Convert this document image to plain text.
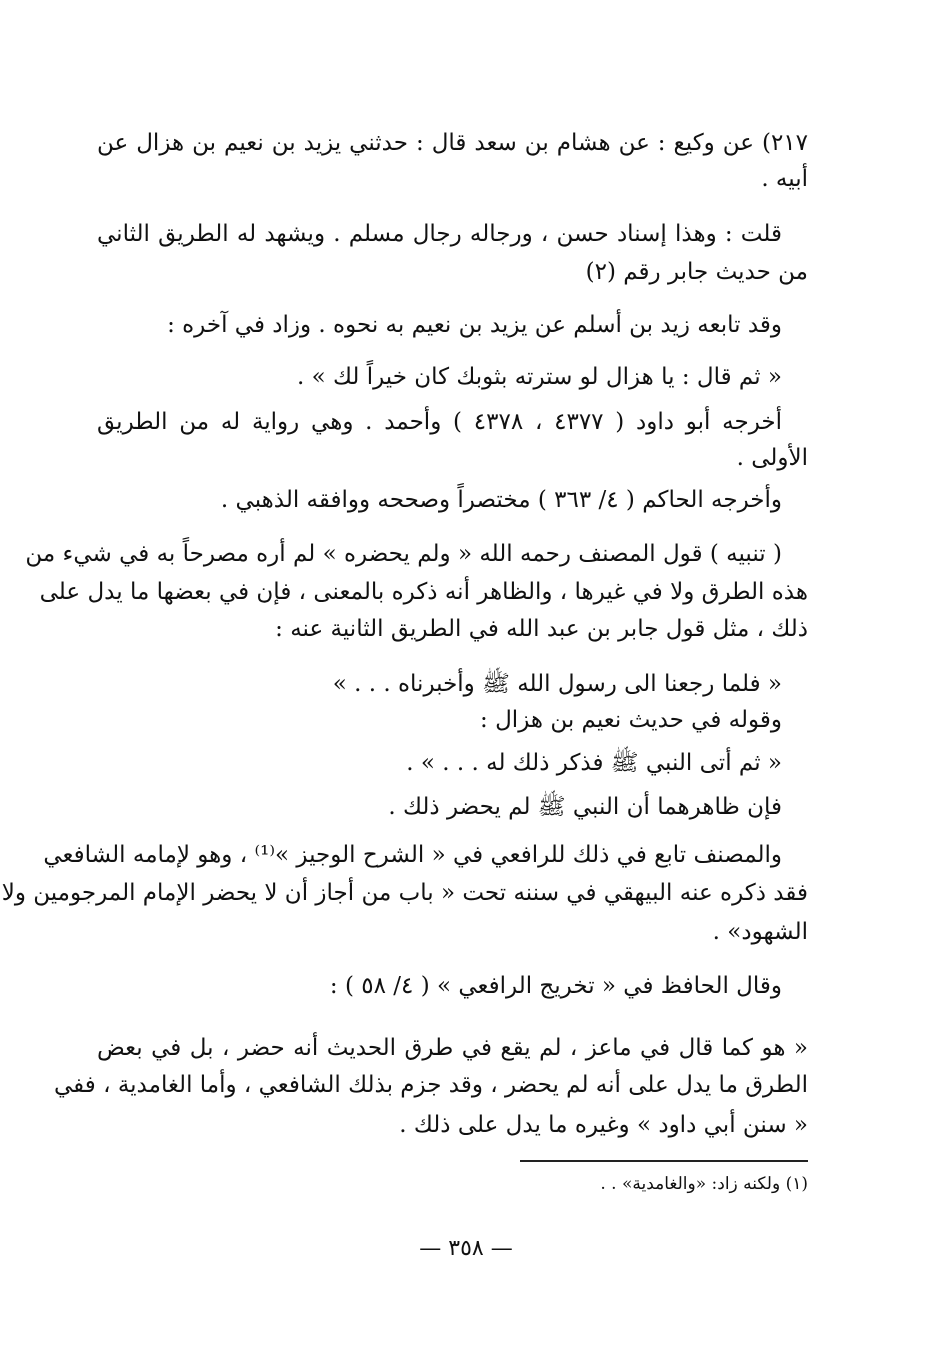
٢١٧) عن وكيع : عن هشام بن سعد قال : حدثني يزيد بن نعيم بن هزال عن
أبيه .
قلت : وهذا إسناد حسن ، ورجاله رجال مسلم . ويشهد له الطريق الثاني
من حديث جابر رقم (٢)
وقد تابعه زيد بن أسلم عن يزيد بن نعيم به نحوه . وزاد في آخره :
« ثم قال : يا هزال لو سترته بثوبك كان خيراً لك » .
أخرجه أبو داود ( ٤٣٧٧ ، ٤٣٧٨ ) وأحمد . وهي رواية له من الطريق
الأولى .
وأخرجه الحاكم ( ٤/ ٣٦٣ ) مختصراً وصححه ووافقه الذهبي .
( تنبيه ) قول المصنف رحمه الله « ولم يحضره » لم أره مصرحاً به في شيء من
هذه الطرق ولا في غيرها ، والظاهر أنه ذكره بالمعنى ، فإن في بعضها ما يدل على
ذلك ، مثل قول جابر بن عبد الله في الطريق الثانية عنه :
« فلما رجعنا الى رسول الله ﷺ وأخبرناه . . . »
وقوله في حديث نعيم بن هزال :
« ثم أتى النبي ﷺ فذكر ذلك له . . . » .
فإن ظاهرهما أن النبي ﷺ لم يحضر ذلك .
والمصنف تابع في ذلك للرافعي في « الشرح الوجيز »⁽¹⁾ ، وهو لإمامه الشافعي
فقد ذكره عنه البيهقي في سننه تحت « باب من أجاز أن لا يحضر الإمام المرجومين ولا
الشهود» .
وقال الحافظ في « تخريج الرافعي » ( ٤/ ٥٨ ) :
« هو كما قال في ماعز ، لم يقع في طرق الحديث أنه حضر ، بل في بعض
الطرق ما يدل على أنه لم يحضر ، وقد جزم بذلك الشافعي ، وأما الغامدية ، ففي
« سنن أبي داود » وغيره ما يدل على ذلك .
(١) ولكنه زاد: «والغامدية» . .
— ٣٥٨ —
